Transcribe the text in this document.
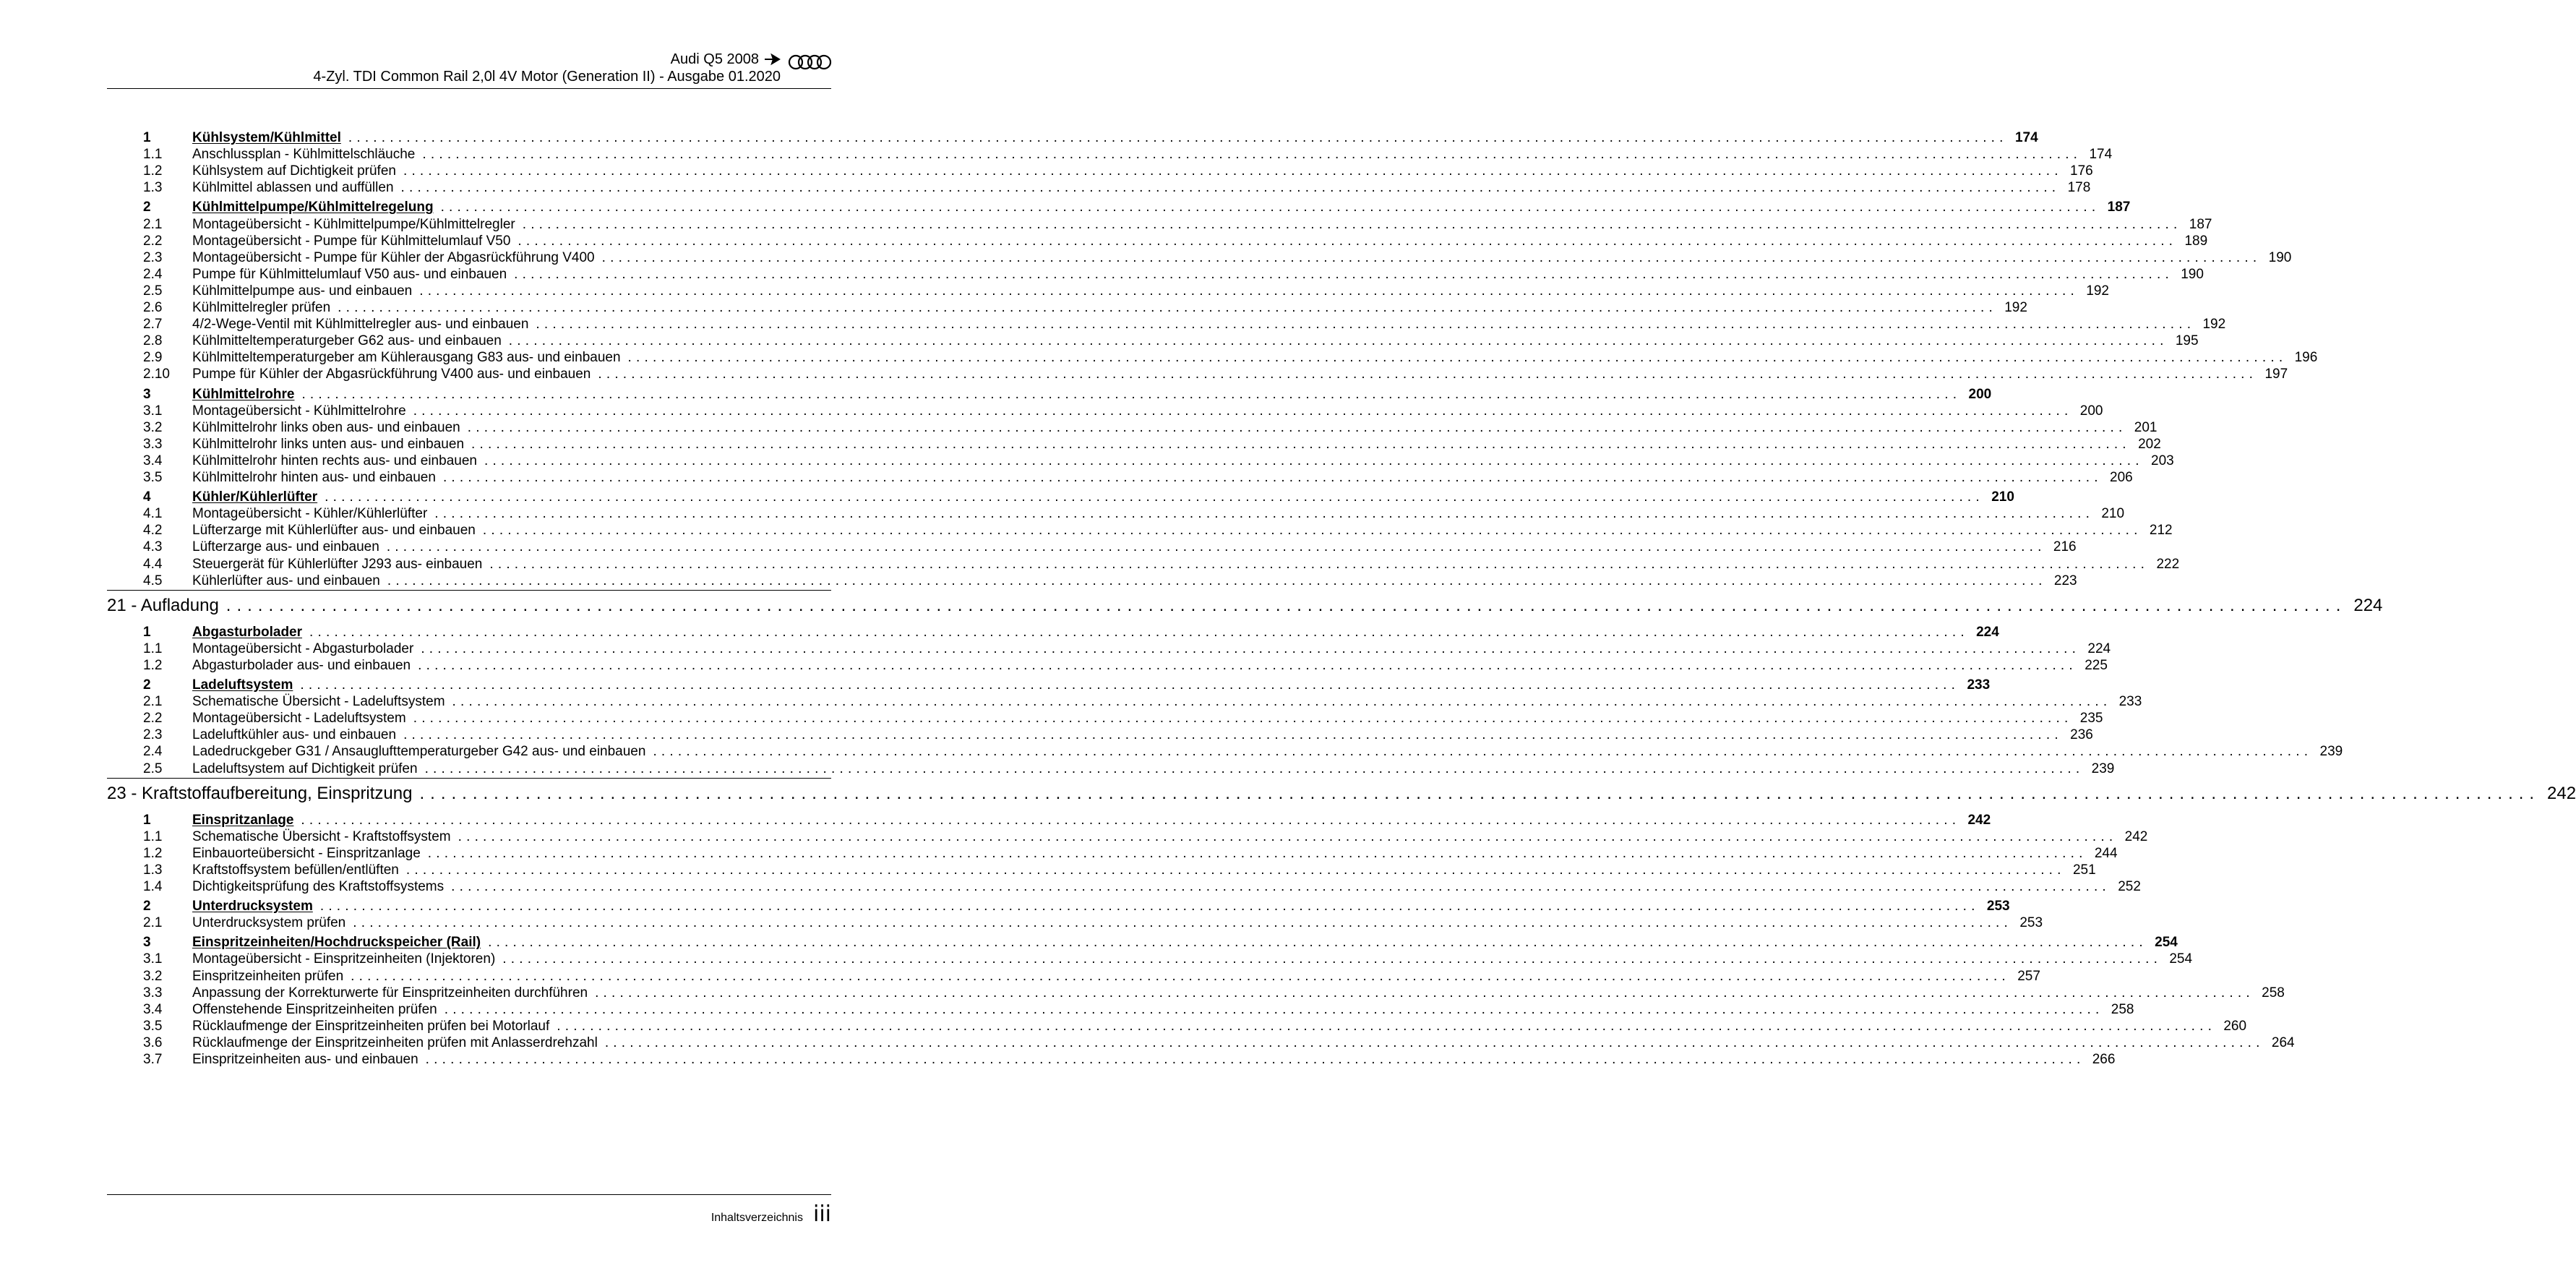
Audi Q5 2008
4-Zyl. TDI Common Rail 2,0l 4V Motor (Generation II) - Ausgabe 01.2020
1	Kühlsystem/Kühlmittel ........................................................................................................................................................................................................ 174
1.1 Anschlussplan - Kühlmittelschläuche ........................................................................................................................................................................................................ 174
1.2 Kühlsystem auf Dichtigkeit prüfen ........................................................................................................................................................................................................ 176
1.3 Kühlmittel ablassen und auffüllen ........................................................................................................................................................................................................ 178
2	Kühlmittelpumpe/Kühlmittelregelung ........................................................................................................................................................................................................ 187
2.1 Montageübersicht - Kühlmittelpumpe/Kühlmittelregler ........................................................................................................................................................................................................ 187
2.2 Montageübersicht - Pumpe für Kühlmittelumlauf V50 ........................................................................................................................................................................................................ 189
2.3 Montageübersicht - Pumpe für Kühler der Abgasrückführung V400 ........................................................................................................................................................................................................ 190
2.4 Pumpe für Kühlmittelumlauf V50 aus- und einbauen ........................................................................................................................................................................................................ 190
2.5 Kühlmittelpumpe aus- und einbauen ........................................................................................................................................................................................................ 192
2.6 Kühlmittelregler prüfen ........................................................................................................................................................................................................ 192
2.7 4/2-Wege-Ventil mit Kühlmittelregler aus- und einbauen ........................................................................................................................................................................................................ 192
2.8 Kühlmitteltemperaturgeber G62 aus- und einbauen ........................................................................................................................................................................................................ 195
2.9 Kühlmitteltemperaturgeber am Kühlerausgang G83 aus- und einbauen ........................................................................................................................................................................................................ 196
2.10 Pumpe für Kühler der Abgasrückführung V400 aus- und einbauen ........................................................................................................................................................................................................ 197
3	Kühlmittelrohre ........................................................................................................................................................................................................ 200
3.1 Montageübersicht - Kühlmittelrohre ........................................................................................................................................................................................................ 200
3.2 Kühlmittelrohr links oben aus- und einbauen ........................................................................................................................................................................................................ 201
3.3 Kühlmittelrohr links unten aus- und einbauen ........................................................................................................................................................................................................ 202
3.4 Kühlmittelrohr hinten rechts aus- und einbauen ........................................................................................................................................................................................................ 203
3.5 Kühlmittelrohr hinten aus- und einbauen ........................................................................................................................................................................................................ 206
4	Kühler/Kühlerlüfter ........................................................................................................................................................................................................ 210
4.1 Montageübersicht - Kühler/Kühlerlüfter ........................................................................................................................................................................................................ 210
4.2 Lüfterzarge mit Kühlerlüfter aus- und einbauen ........................................................................................................................................................................................................ 212
4.3 Lüfterzarge aus- und einbauen ........................................................................................................................................................................................................ 216
4.4 Steuergerät für Kühlerlüfter J293 aus- einbauen ........................................................................................................................................................................................................ 222
4.5 Kühlerlüfter aus- und einbauen ........................................................................................................................................................................................................ 223
21 - Aufladung ........................................................................................................................................................................................................ 224
1	Abgasturbolader ........................................................................................................................................................................................................ 224
1.1 Montageübersicht - Abgasturbolader ........................................................................................................................................................................................................ 224
1.2 Abgasturbolader aus- und einbauen ........................................................................................................................................................................................................ 225
2	Ladeluftsystem ........................................................................................................................................................................................................ 233
2.1 Schematische Übersicht - Ladeluftsystem ........................................................................................................................................................................................................ 233
2.2 Montageübersicht - Ladeluftsystem ........................................................................................................................................................................................................ 235
2.3 Ladeluftkühler aus- und einbauen ........................................................................................................................................................................................................ 236
2.4 Ladedruckgeber G31 / Ansauglufttemperaturgeber G42 aus- und einbauen ........................................................................................................................................................................................................ 239
2.5 Ladeluftsystem auf Dichtigkeit prüfen ........................................................................................................................................................................................................ 239
23 - Kraftstoffaufbereitung, Einspritzung ........................................................................................................................................................................................................ 242
1	Einspritzanlage ........................................................................................................................................................................................................ 242
1.1 Schematische Übersicht - Kraftstoffsystem ........................................................................................................................................................................................................ 242
1.2 Einbauorteübersicht - Einspritzanlage ........................................................................................................................................................................................................ 244
1.3 Kraftstoffsystem befüllen/entlüften ........................................................................................................................................................................................................ 251
1.4 Dichtigkeitsprüfung des Kraftstoffsystems ........................................................................................................................................................................................................ 252
2	Unterdrucksystem ........................................................................................................................................................................................................ 253
2.1 Unterdrucksystem prüfen ........................................................................................................................................................................................................ 253
3	Einspritzeinheiten/Hochdruckspeicher (Rail) ........................................................................................................................................................................................................ 254
3.1 Montageübersicht - Einspritzeinheiten (Injektoren) ........................................................................................................................................................................................................ 254
3.2 Einspritzeinheiten prüfen ........................................................................................................................................................................................................ 257
3.3 Anpassung der Korrekturwerte für Einspritzeinheiten durchführen ........................................................................................................................................................................................................ 258
3.4 Offenstehende Einspritzeinheiten prüfen ........................................................................................................................................................................................................ 258
3.5 Rücklaufmenge der Einspritzeinheiten prüfen bei Motorlauf ........................................................................................................................................................................................................ 260
3.6 Rücklaufmenge der Einspritzeinheiten prüfen mit Anlasserdrehzahl ........................................................................................................................................................................................................ 264
3.7 Einspritzeinheiten aus- und einbauen ........................................................................................................................................................................................................ 266
Inhaltsverzeichnis iii
